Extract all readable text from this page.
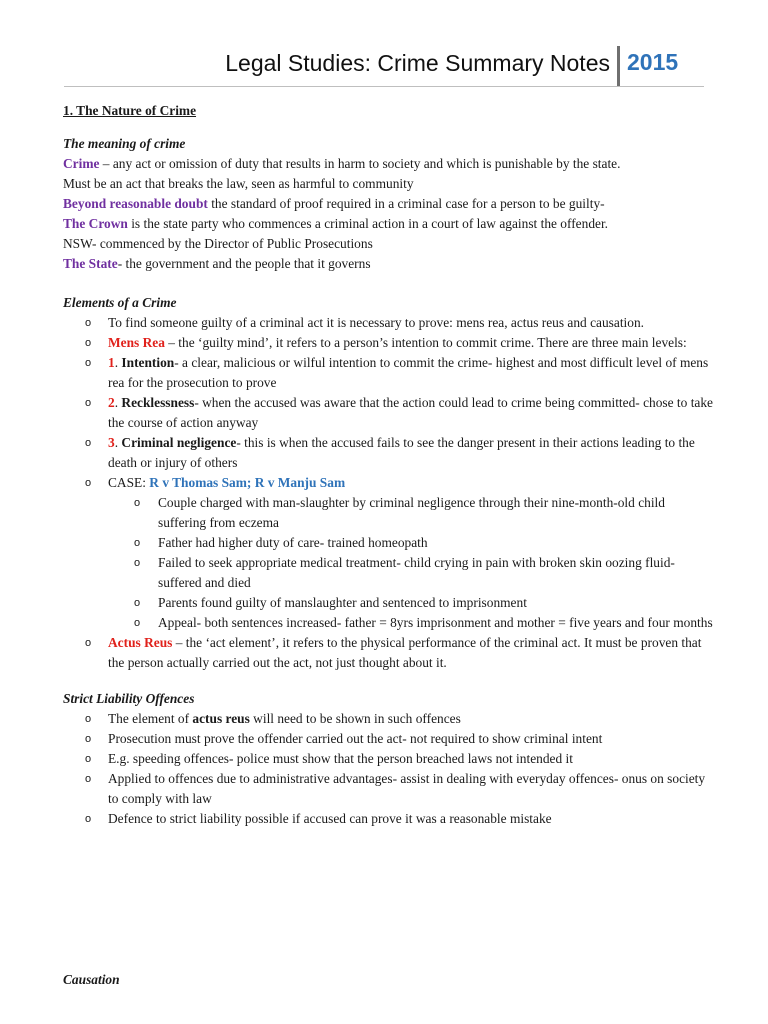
Legal Studies: Crime Summary Notes 2015

1. The Nature of Crime

The meaning of crime

Crime – any act or omission of duty that results in harm to society and which is punishable by the state.

Must be an act that breaks the law, seen as harmful to community

Beyond reasonable doubt the standard of proof required in a criminal case for a person to be guilty-

The Crown is the state party who commences a criminal action in a court of law against the offender.

NSW- commenced by the Director of Public Prosecutions

The State- the government and the people that it governs

Elements of a Crime

o To find someone guilty of a criminal act it is necessary to prove: mens rea, actus reus and causation.
o Mens Rea – the ‘guilty mind’, it refers to a person’s intention to commit crime. There are three main levels:
o 1. Intention- a clear, malicious or wilful intention to commit the crime- highest and most difficult level of mens rea for the prosecution to prove
o 2. Recklessness- when the accused was aware that the action could lead to crime being committed- chose to take the course of action anyway
o 3. Criminal negligence- this is when the accused fails to see the danger present in their actions leading to the death or injury of others
o CASE: R v Thomas Sam; R v Manju Sam
o Couple charged with man-slaughter by criminal negligence through their nine-month-old child suffering from eczema
o Father had higher duty of care- trained homeopath
o Failed to seek appropriate medical treatment- child crying in pain with broken skin oozing fluid- suffered and died
o Parents found guilty of manslaughter and sentenced to imprisonment
o Appeal- both sentences increased- father = 8yrs imprisonment and mother = five years and four months
o Actus Reus – the ‘act element’, it refers to the physical performance of the criminal act. It must be proven that the person actually carried out the act, not just thought about it.

Strict Liability Offences

o The element of actus reus will need to be shown in such offences
o Prosecution must prove the offender carried out the act- not required to show criminal intent
o E.g. speeding offences- police must show that the person breached laws not intended it
o Applied to offences due to administrative advantages- assist in dealing with everyday offences- onus on society to comply with law
o Defence to strict liability possible if accused can prove it was a reasonable mistake
Causation
